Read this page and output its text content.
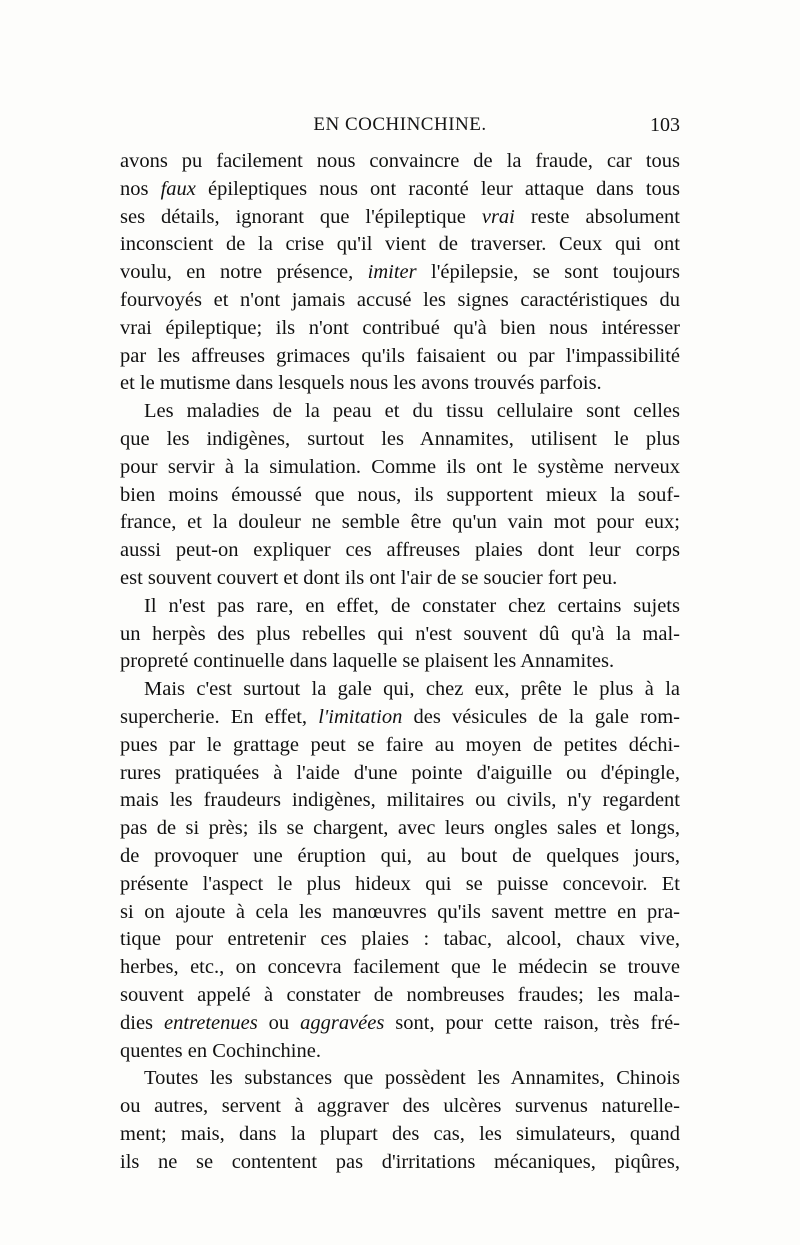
EN COCHINCHINE.	103
avons pu facilement nous convaincre de la fraude, car tous
nos faux épileptiques nous ont raconté leur attaque dans tous
ses détails, ignorant que l'épileptique vrai reste absolument
inconscient de la crise qu'il vient de traverser. Ceux qui ont
voulu, en notre présence, imiter l'épilepsie, se sont toujours
fourvoyés et n'ont jamais accusé les signes caractéristiques du
vrai épileptique; ils n'ont contribué qu'à bien nous intéresser
par les affreuses grimaces qu'ils faisaient ou par l'impassibilité
et le mutisme dans lesquels nous les avons trouvés parfois.
Les maladies de la peau et du tissu cellulaire sont celles
que les indigènes, surtout les Annamites, utilisent le plus
pour servir à la simulation. Comme ils ont le système nerveux
bien moins émoussé que nous, ils supportent mieux la souf-
france, et la douleur ne semble être qu'un vain mot pour eux;
aussi peut-on expliquer ces affreuses plaies dont leur corps
est souvent couvert et dont ils ont l'air de se soucier fort peu.
Il n'est pas rare, en effet, de constater chez certains sujets
un herpès des plus rebelles qui n'est souvent dû qu'à la mal-
propreté continuelle dans laquelle se plaisent les Annamites.
Mais c'est surtout la gale qui, chez eux, prête le plus à la
supercherie. En effet, l'imitation des vésicules de la gale rom-
pues par le grattage peut se faire au moyen de petites déchi-
rures pratiquées à l'aide d'une pointe d'aiguille ou d'épingle,
mais les fraudeurs indigènes, militaires ou civils, n'y regardent
pas de si près; ils se chargent, avec leurs ongles sales et longs,
de provoquer une éruption qui, au bout de quelques jours,
présente l'aspect le plus hideux qui se puisse concevoir. Et
si on ajoute à cela les manœuvres qu'ils savent mettre en pra-
tique pour entretenir ces plaies : tabac, alcool, chaux vive,
herbes, etc., on concevra facilement que le médecin se trouve
souvent appelé à constater de nombreuses fraudes; les mala-
dies entretenues ou aggravées sont, pour cette raison, très fré-
quentes en Cochinchine.
Toutes les substances que possèdent les Annamites, Chinois
ou autres, servent à aggraver des ulcères survenus naturelle-
ment; mais, dans la plupart des cas, les simulateurs, quand
ils ne se contentent pas d'irritations mécaniques, piqûres,
